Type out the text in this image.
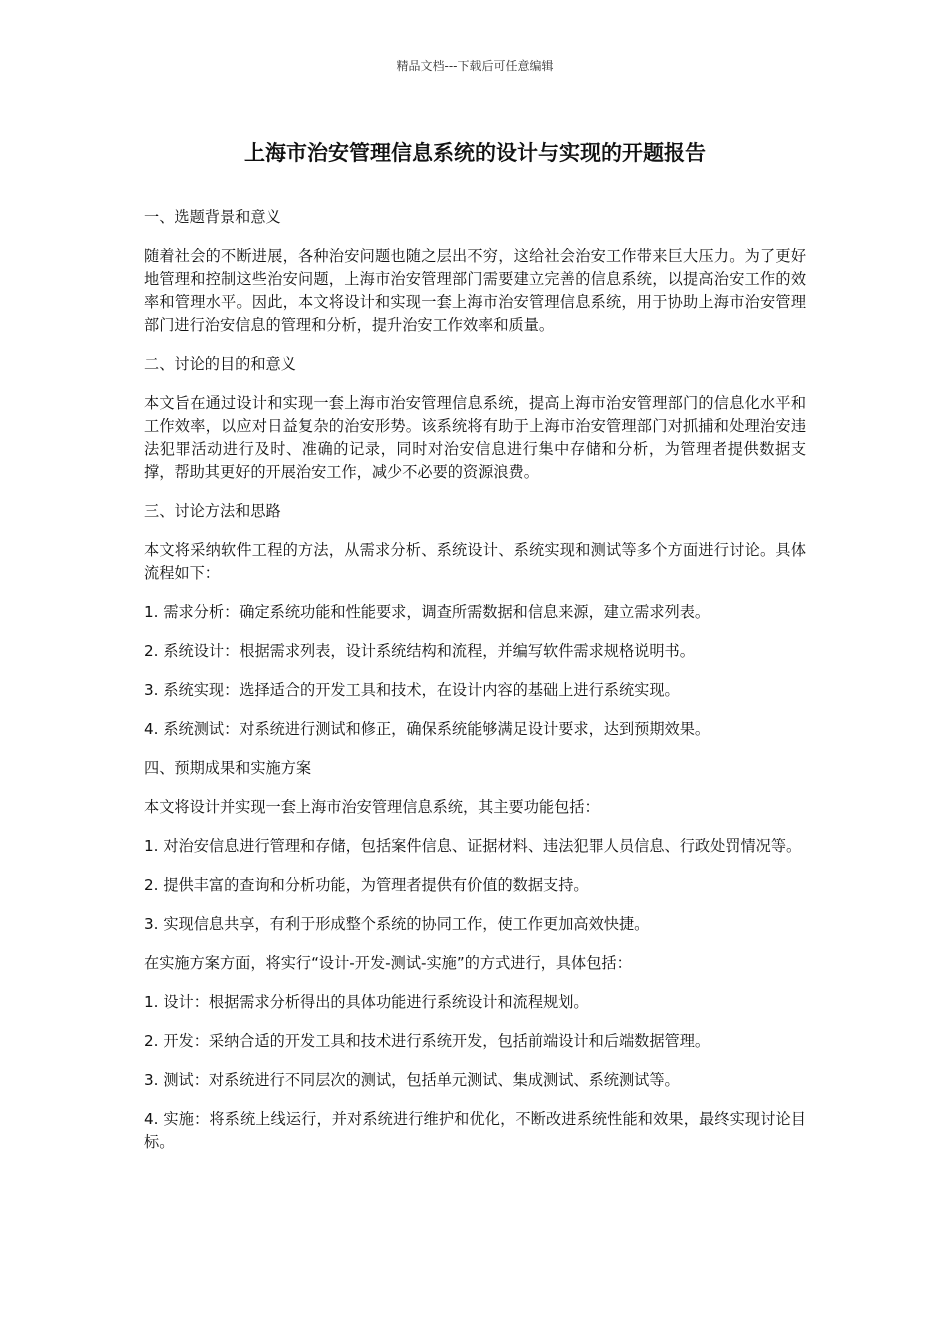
精品文档---下载后可任意编辑
上海市治安管理信息系统的设计与实现的开题报告

一、选题背景和意义

随着社会的不断进展，各种治安问题也随之层出不穷，这给社会治安工作带来巨大压力。为了更好地管理和控制这些治安问题，上海市治安管理部门需要建立完善的信息系统，以提高治安工作的效率和管理水平。因此，本文将设计和实现一套上海市治安管理信息系统，用于协助上海市治安管理部门进行治安信息的管理和分析，提升治安工作效率和质量。

二、讨论的目的和意义

本文旨在通过设计和实现一套上海市治安管理信息系统，提高上海市治安管理部门的信息化水平和工作效率，以应对日益复杂的治安形势。该系统将有助于上海市治安管理部门对抓捕和处理治安违法犯罪活动进行及时、准确的记录，同时对治安信息进行集中存储和分析，为管理者提供数据支撑，帮助其更好的开展治安工作，减少不必要的资源浪费。

三、讨论方法和思路

本文将采纳软件工程的方法，从需求分析、系统设计、系统实现和测试等多个方面进行讨论。具体流程如下：

1. 需求分析：确定系统功能和性能要求，调查所需数据和信息来源，建立需求列表。

2. 系统设计：根据需求列表，设计系统结构和流程，并编写软件需求规格说明书。

3. 系统实现：选择适合的开发工具和技术，在设计内容的基础上进行系统实现。

4. 系统测试：对系统进行测试和修正，确保系统能够满足设计要求，达到预期效果。

四、预期成果和实施方案

本文将设计并实现一套上海市治安管理信息系统，其主要功能包括：

1. 对治安信息进行管理和存储，包括案件信息、证据材料、违法犯罪人员信息、行政处罚情况等。

2. 提供丰富的查询和分析功能，为管理者提供有价值的数据支持。

3. 实现信息共享，有利于形成整个系统的协同工作，使工作更加高效快捷。

在实施方案方面，将实行“设计-开发-测试-实施”的方式进行，具体包括：

1. 设计：根据需求分析得出的具体功能进行系统设计和流程规划。

2. 开发：采纳合适的开发工具和技术进行系统开发，包括前端设计和后端数据管理。

3. 测试：对系统进行不同层次的测试，包括单元测试、集成测试、系统测试等。

4. 实施：将系统上线运行，并对系统进行维护和优化，不断改进系统性能和效果，最终实现讨论目标。
